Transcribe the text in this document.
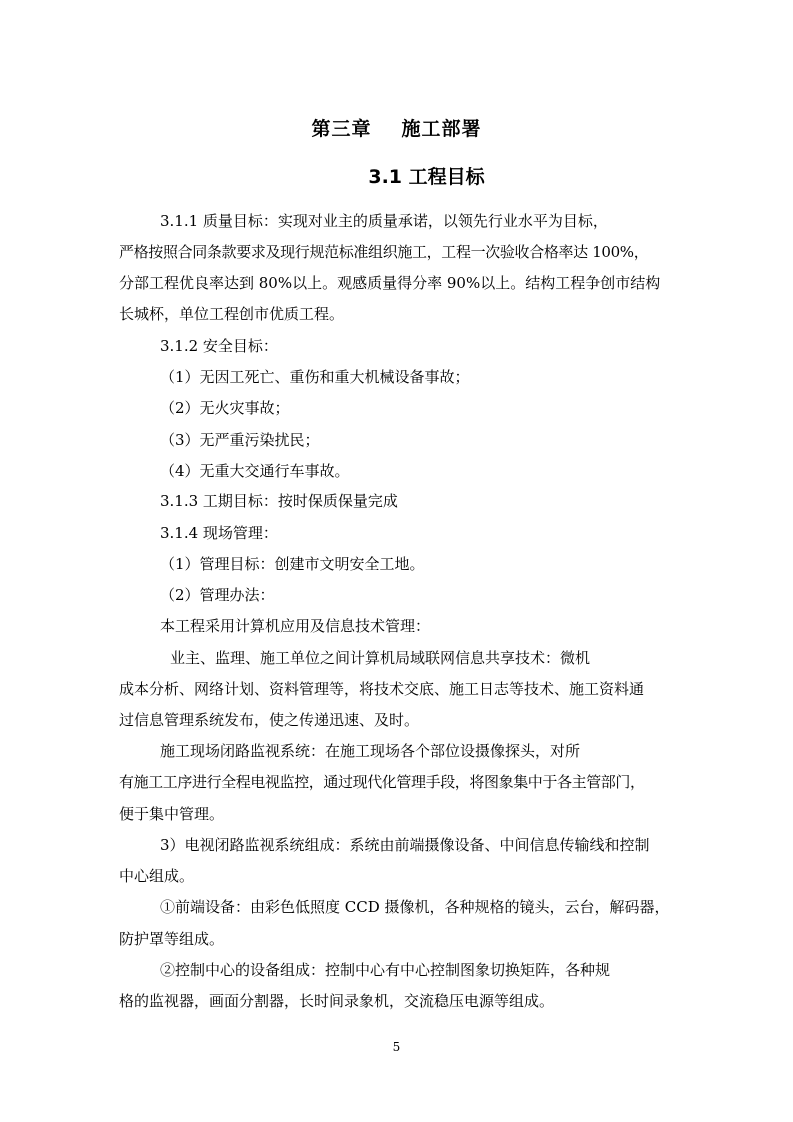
第三章 施工部署
3.1 工程目标
3.1.1 质量目标：实现对业主的质量承诺，以领先行业水平为目标，
严格按照合同条款要求及现行规范标准组织施工，工程一次验收合格率达 100%，
分部工程优良率达到 80%以上。观感质量得分率 90%以上。结构工程争创市结构
长城杯，单位工程创市优质工程。
3.1.2 安全目标：
（1）无因工死亡、重伤和重大机械设备事故；
（2）无火灾事故；
（3）无严重污染扰民；
（4）无重大交通行车事故。
3.1.3 工期目标：按时保质保量完成
3.1.4 现场管理：
（1）管理目标：创建市文明安全工地。
（2）管理办法：
本工程采用计算机应用及信息技术管理：
业主、监理、施工单位之间计算机局域联网信息共享技术：微机
成本分析、网络计划、资料管理等，将技术交底、施工日志等技术、施工资料通
过信息管理系统发布，使之传递迅速、及时。
施工现场闭路监视系统：在施工现场各个部位设摄像探头，对所
有施工工序进行全程电视监控，通过现代化管理手段，将图象集中于各主管部门，
便于集中管理。
3）电视闭路监视系统组成：系统由前端摄像设备、中间信息传输线和控制
中心组成。
①前端设备：由彩色低照度 CCD 摄像机，各种规格的镜头，云台，解码器，
防护罩等组成。
②控制中心的设备组成：控制中心有中心控制图象切换矩阵，各种规
格的监视器，画面分割器，长时间录象机，交流稳压电源等组成。
5
